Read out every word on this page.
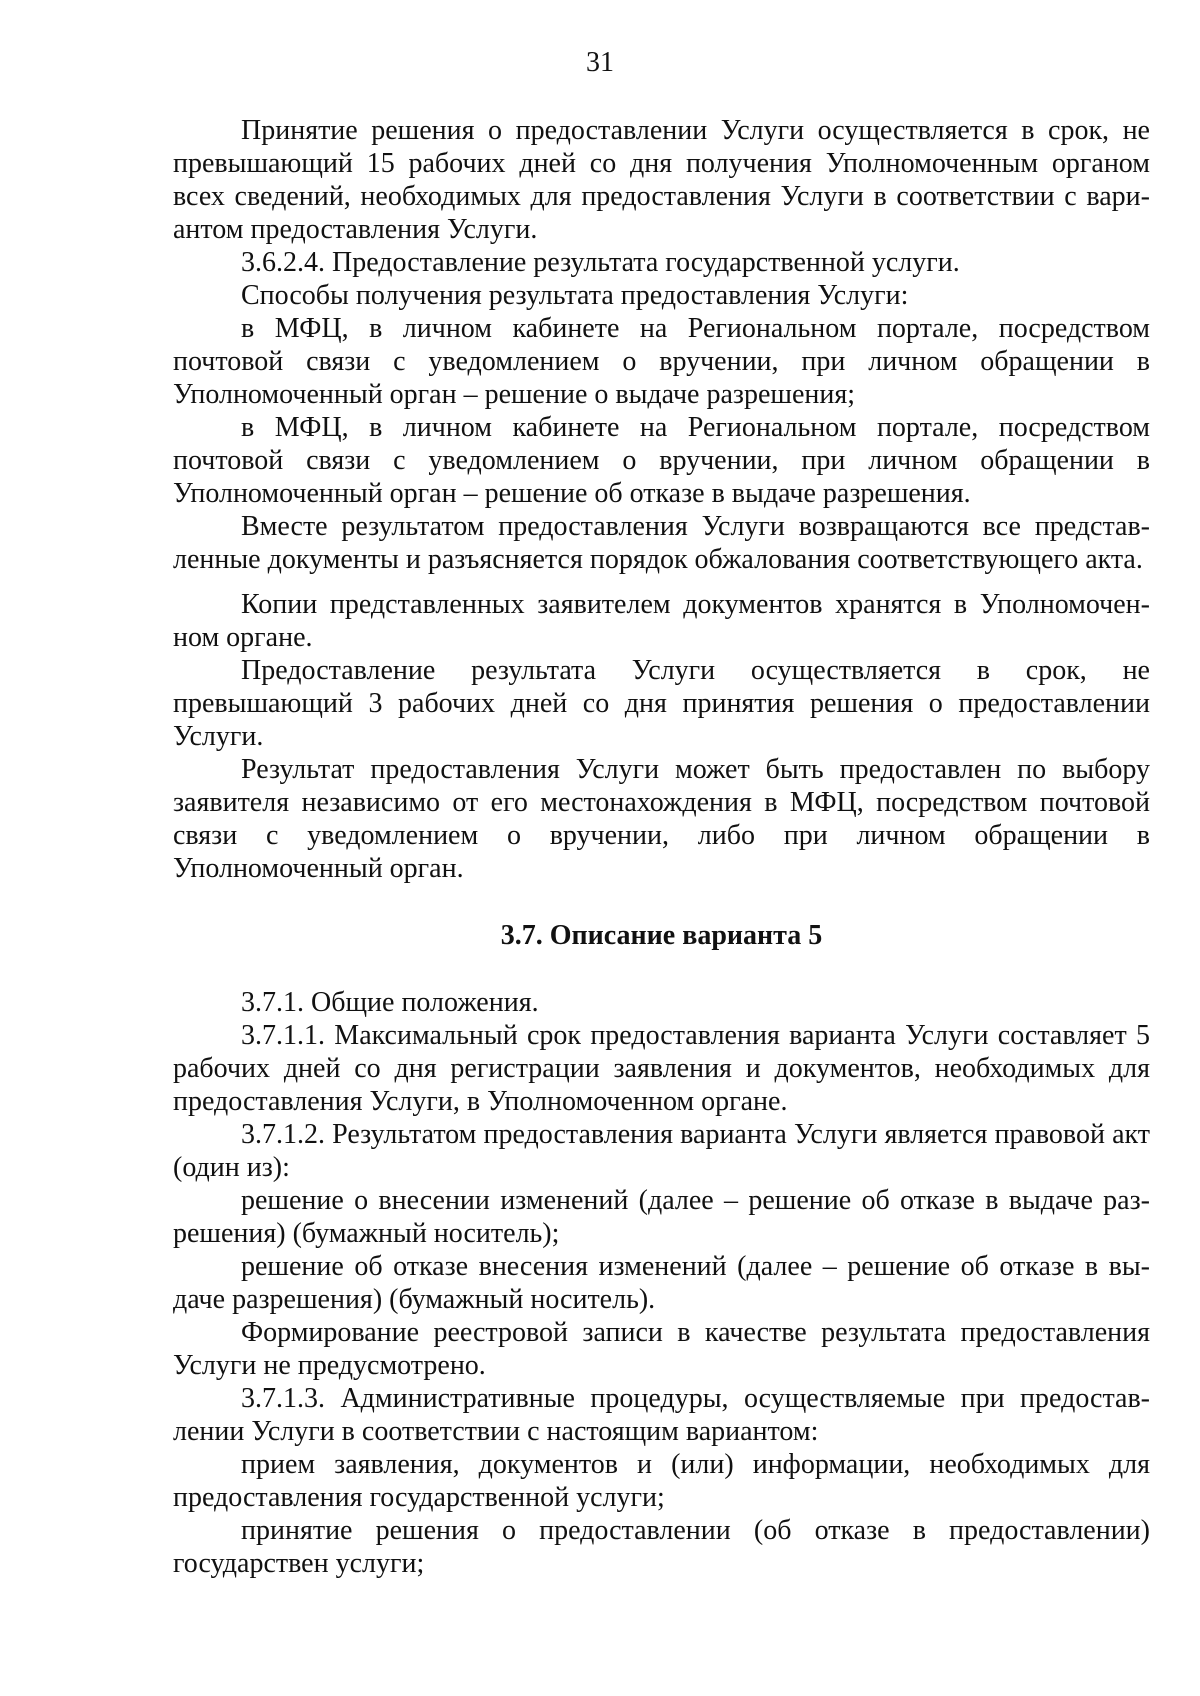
31

Принятие решения о предоставлении Услуги осуществляется в срок, не превышающий 15 рабочих дней со дня получения Уполномоченным органом всех сведений, необходимых для предоставления Услуги в соответствии с вариантом предоставления Услуги.

3.6.2.4. Предоставление результата государственной услуги.

Способы получения результата предоставления Услуги:

в МФЦ, в личном кабинете на Региональном портале, посредством почтовой связи с уведомлением о вручении, при личном обращении в Уполномоченный орган – решение о выдаче разрешения;

в МФЦ, в личном кабинете на Региональном портале, посредством почтовой связи с уведомлением о вручении, при личном обращении в Уполномоченный орган – решение об отказе в выдаче разрешения.

Вместе результатом предоставления Услуги возвращаются все представленные документы и разъясняется порядок обжалования соответствующего акта.

Копии представленных заявителем документов хранятся в Уполномоченном органе.

Предоставление результата Услуги осуществляется в срок, не превышающий 3 рабочих дней со дня принятия решения о предоставлении Услуги.

Результат предоставления Услуги может быть предоставлен по выбору заявителя независимо от его местонахождения в МФЦ, посредством почтовой связи с уведомлением о вручении, либо при личном обращении в Уполномоченный орган.

3.7. Описание варианта 5

3.7.1. Общие положения.

3.7.1.1. Максимальный срок предоставления варианта Услуги составляет 5 рабочих дней со дня регистрации заявления и документов, необходимых для предоставления Услуги, в Уполномоченном органе.

3.7.1.2. Результатом предоставления варианта Услуги является правовой акт (один из):

решение о внесении изменений (далее – решение об отказе в выдаче разрешения) (бумажный носитель);

решение об отказе внесения изменений (далее – решение об отказе в выдаче разрешения) (бумажный носитель).

Формирование реестровой записи в качестве результата предоставления Услуги не предусмотрено.

3.7.1.3. Административные процедуры, осуществляемые при предоставлении Услуги в соответствии с настоящим вариантом:

прием заявления, документов и (или) информации, необходимых для предоставления государственной услуги;

принятие решения о предоставлении (об отказе в предоставлении) государствен услуги;
